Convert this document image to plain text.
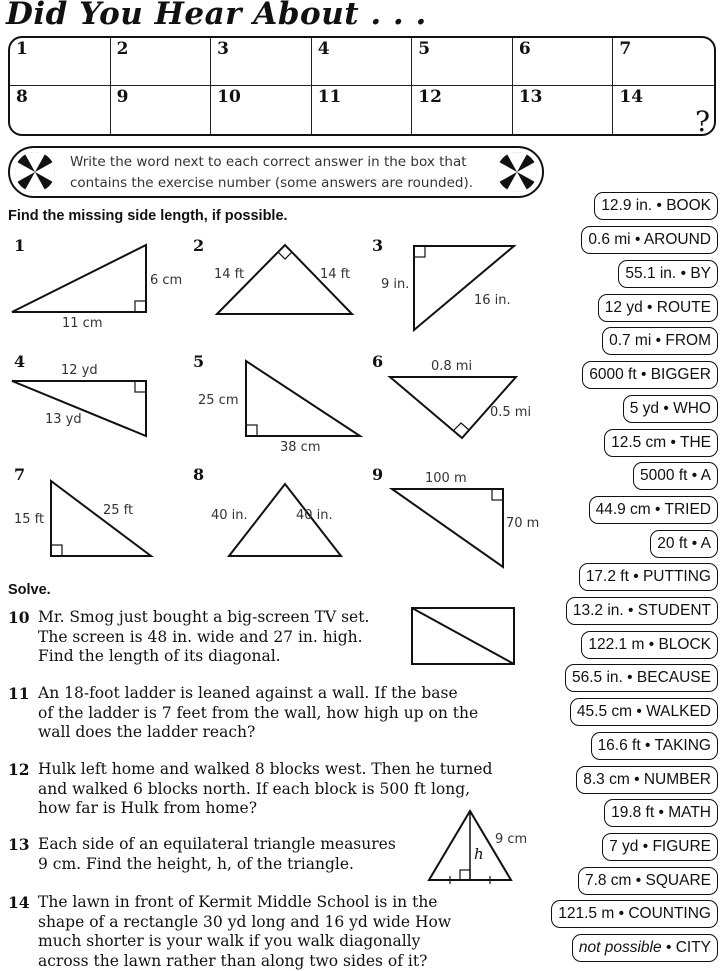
Did You Hear About . . .
1	2	3	4	5	6	7
8	9	10	11	12	13	14
?
Write the word next to each correct answer in the box that
contains the exercise number (some answers are rounded).
Find the missing side length, if possible.
1
6 cm
11 cm
2
14 ft	14 ft
3
9 in.
16 in.
4	12 yd
13 yd
5
25 cm
38 cm
6	0.8 mi
0.5 mi
7
15 ft
25 ft
8
40 in.	40 in.
9	100 m
70 m
Solve.
10 Mr. Smog just bought a big-screen TV set.
The screen is 48 in. wide and 27 in. high.
Find the length of its diagonal.
11 An 18-foot ladder is leaned against a wall. If the base
of the ladder is 7 feet from the wall, how high up on the
wall does the ladder reach?
12 Hulk left home and walked 8 blocks west. Then he turned
and walked 6 blocks north. If each block is 500 ft long,
how far is Hulk from home?
13 Each side of an equilateral triangle measures
9 cm. Find the height, h, of the triangle.
9 cm
h
14 The lawn in front of Kermit Middle School is in the
shape of a rectangle 30 yd long and 16 yd wide How
much shorter is your walk if you walk diagonally
across the lawn rather than along two sides of it?
12.9 in. • BOOK
0.6 mi • AROUND
55.1 in. • BY
12 yd • ROUTE
0.7 mi • FROM
6000 ft • BIGGER
5 yd • WHO
12.5 cm • THE
5000 ft • A
44.9 cm • TRIED
20 ft • A
17.2 ft • PUTTING
13.2 in. • STUDENT
122.1 m • BLOCK
56.5 in. • BECAUSE
45.5 cm • WALKED
16.6 ft • TAKING
8.3 cm • NUMBER
19.8 ft • MATH
7 yd • FIGURE
7.8 cm • SQUARE
121.5 m • COUNTING
not possible • CITY
